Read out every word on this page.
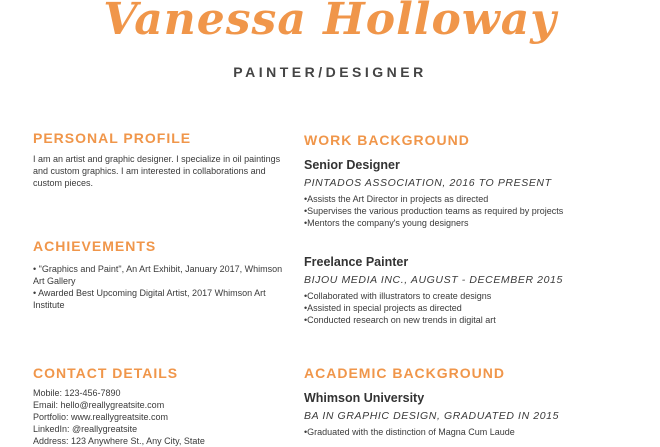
Vanessa Holloway
PAINTER/DESIGNER

PERSONAL PROFILE

I am an artist and graphic designer. I specialize in oil paintings and custom graphics. I am interested in collaborations and custom pieces.

ACHIEVEMENTS

• "Graphics and Paint", An Art Exhibit, January 2017, Whimson Art Gallery

• Awarded Best Upcoming Digital Artist, 2017 Whimson Art Institute

CONTACT DETAILS

Mobile: 123-456-7890

Email: hello@reallygreatsite.com

Portfolio: www.reallygreatsite.com

LinkedIn: @reallygreatsite

Address: 123 Anywhere St., Any City, State

WORK BACKGROUND

Senior Designer

PINTADOS ASSOCIATION, 2016 TO PRESENT

• Assists the Art Director in projects as directed
• Supervises the various production teams as required by projects
• Mentors the company's young designers

Freelance Painter

BIJOU MEDIA INC., AUGUST - DECEMBER 2015

• Collaborated with illustrators to create designs
• Assisted in special projects as directed
• Conducted research on new trends in digital art

ACADEMIC BACKGROUND

Whimson University

BA IN GRAPHIC DESIGN, GRADUATED IN 2015

• Graduated with the distinction of Magna Cum Laude
